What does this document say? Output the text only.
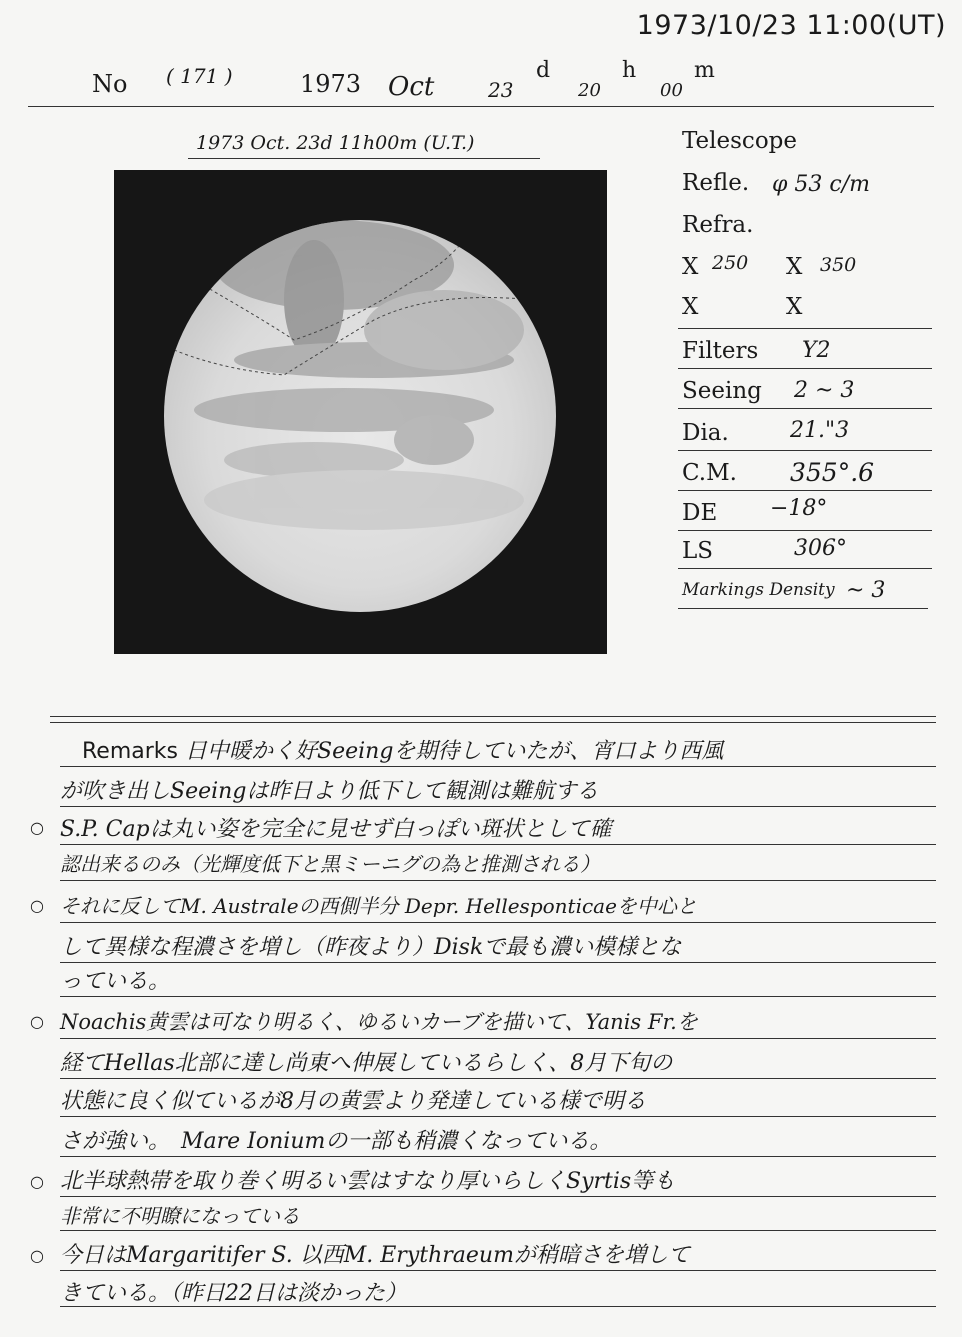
1973/10/23 11:00(UT)
No ( 171 )	1973 Oct	23
d
20
h
00
m
1973 Oct. 23d 11h00m (U.T.)	Telescope
Refle. φ 53 c/m
Refra.
X 250 X 350
X	X
Filters Y2
Seeing 2 ~ 3
Dia.	21."3
C.M. 355°.6
DE −18°
LS	306°
Markings Density ~ 3
Remarks 日中暖かく好Seeingを期待していたが、宵口より西風
が吹き出しSeeingは昨日より低下して観測は難航する
○ S.P. Capは丸い姿を完全に見せず白っぽい斑状として確
認出来るのみ（光輝度低下と黒ミーニグの為と推測される）
○ それに反してM. Australeの西側半分 Depr. Hellesponticaeを中心と
して異様な程濃さを増し（昨夜より）Diskで最も濃い模様とな
っている。
○ Noachis黄雲は可なり明るく、ゆるいカーブを描いて、Yanis Fr.を
経てHellas北部に達し尚東へ伸展しているらしく、8月下旬の
状態に良く似ているが8月の黄雲より発達している様で明る
さが強い。　Mare Ioniumの一部も稍濃くなっている。
○ 北半球熱帯を取り巻く明るい雲はすなり厚いらしくSyrtis等も
非常に不明瞭になっている
○ 今日はMargaritifer S. 以西M. Erythraeumが稍暗さを増して
きている。（昨日22日は淡かった）
